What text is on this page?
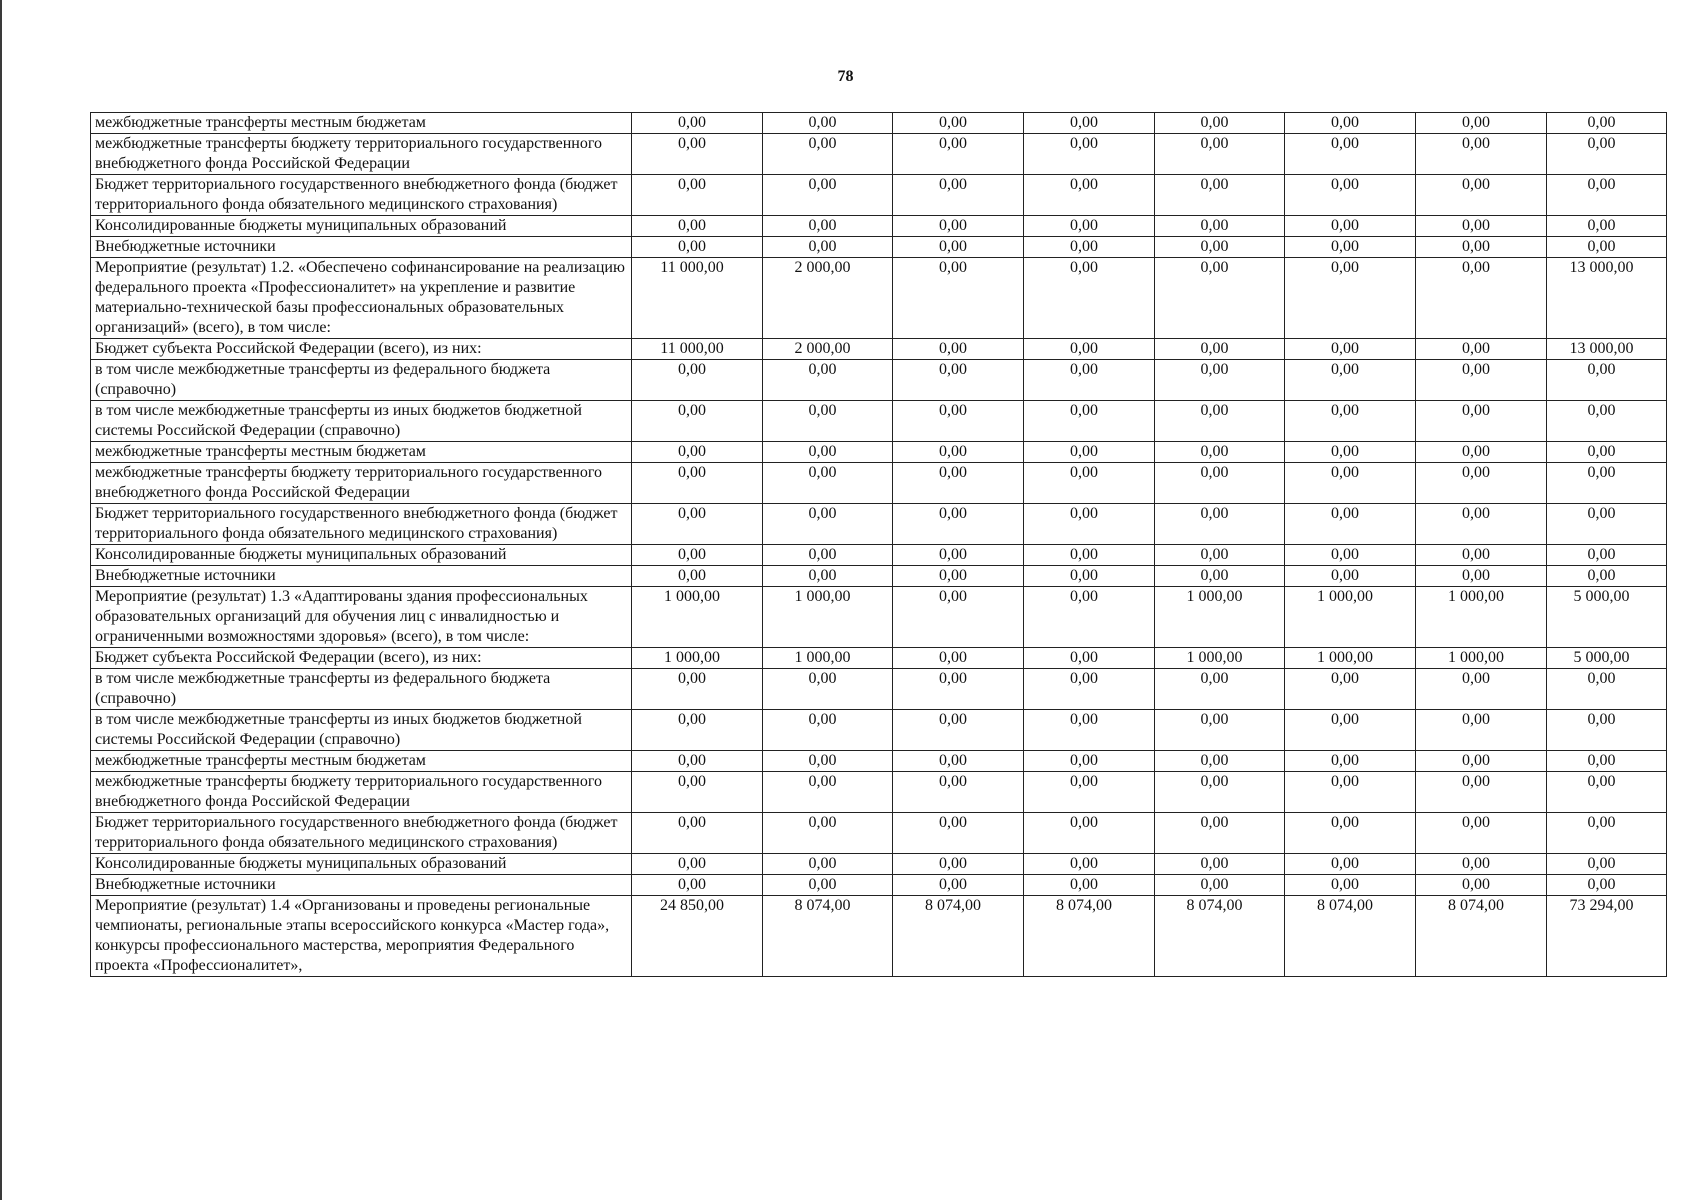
78
межбюджетные трансферты местным бюджетам	0,00	0,00	0,00	0,00	0,00	0,00	0,00	0,00
межбюджетные трансферты бюджету территориального государственного внебюджетного фонда Российской Федерации	0,00	0,00	0,00	0,00	0,00	0,00	0,00	0,00
Бюджет территориального государственного внебюджетного фонда (бюджет территориального фонда обязательного медицинского страхования)	0,00	0,00	0,00	0,00	0,00	0,00	0,00	0,00
Консолидированные бюджеты муниципальных образований	0,00	0,00	0,00	0,00	0,00	0,00	0,00	0,00
Внебюджетные источники	0,00	0,00	0,00	0,00	0,00	0,00	0,00	0,00
Мероприятие (результат) 1.2. «Обеспечено софинансирование на реализацию федерального проекта «Профессионалитет» на укрепление и развитие материально-технической базы профессиональных образовательных организаций» (всего), в том числе:	11 000,00	2 000,00	0,00	0,00	0,00	0,00	0,00	13 000,00
Бюджет субъекта Российской Федерации (всего), из них:	11 000,00	2 000,00	0,00	0,00	0,00	0,00	0,00	13 000,00
в том числе межбюджетные трансферты из федерального бюджета (справочно)	0,00	0,00	0,00	0,00	0,00	0,00	0,00	0,00
в том числе межбюджетные трансферты из иных бюджетов бюджетной системы Российской Федерации (справочно)	0,00	0,00	0,00	0,00	0,00	0,00	0,00	0,00
межбюджетные трансферты местным бюджетам	0,00	0,00	0,00	0,00	0,00	0,00	0,00	0,00
межбюджетные трансферты бюджету территориального государственного внебюджетного фонда Российской Федерации	0,00	0,00	0,00	0,00	0,00	0,00	0,00	0,00
Бюджет территориального государственного внебюджетного фонда (бюджет территориального фонда обязательного медицинского страхования)	0,00	0,00	0,00	0,00	0,00	0,00	0,00	0,00
Консолидированные бюджеты муниципальных образований	0,00	0,00	0,00	0,00	0,00	0,00	0,00	0,00
Внебюджетные источники	0,00	0,00	0,00	0,00	0,00	0,00	0,00	0,00
Мероприятие (результат) 1.3 «Адаптированы здания профессиональных образовательных организаций для обучения лиц с инвалидностью и ограниченными возможностями здоровья» (всего), в том числе:	1 000,00	1 000,00	0,00	0,00	1 000,00	1 000,00	1 000,00	5 000,00
Бюджет субъекта Российской Федерации (всего), из них:	1 000,00	1 000,00	0,00	0,00	1 000,00	1 000,00	1 000,00	5 000,00
в том числе межбюджетные трансферты из федерального бюджета (справочно)	0,00	0,00	0,00	0,00	0,00	0,00	0,00	0,00
в том числе межбюджетные трансферты из иных бюджетов бюджетной системы Российской Федерации (справочно)	0,00	0,00	0,00	0,00	0,00	0,00	0,00	0,00
межбюджетные трансферты местным бюджетам	0,00	0,00	0,00	0,00	0,00	0,00	0,00	0,00
межбюджетные трансферты бюджету территориального государственного внебюджетного фонда Российской Федерации	0,00	0,00	0,00	0,00	0,00	0,00	0,00	0,00
Бюджет территориального государственного внебюджетного фонда (бюджет территориального фонда обязательного медицинского страхования)	0,00	0,00	0,00	0,00	0,00	0,00	0,00	0,00
Консолидированные бюджеты муниципальных образований	0,00	0,00	0,00	0,00	0,00	0,00	0,00	0,00
Внебюджетные источники	0,00	0,00	0,00	0,00	0,00	0,00	0,00	0,00
Мероприятие (результат) 1.4 «Организованы и проведены региональные чемпионаты, региональные этапы всероссийского конкурса «Мастер года», конкурсы профессионального мастерства, мероприятия Федерального проекта «Профессионалитет»,	24 850,00	8 074,00	8 074,00	8 074,00	8 074,00	8 074,00	8 074,00	73 294,00
